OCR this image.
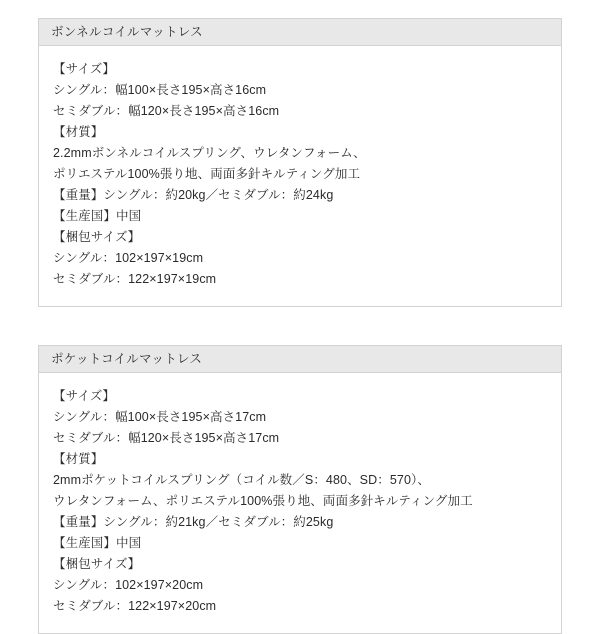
ボンネルコイルマットレス
【サイズ】
シングル：幅100×長さ195×高さ16cm
セミダブル：幅120×長さ195×高さ16cm
【材質】
2.2mmボンネルコイルスプリング、ウレタンフォーム、
ポリエステル100%張り地、両面多針キルティング加工
【重量】シングル：約20kg／セミダブル：約24kg
【生産国】中国
【梱包サイズ】
シングル：102×197×19cm
セミダブル：122×197×19cm
ポケットコイルマットレス
【サイズ】
シングル：幅100×長さ195×高さ17cm
セミダブル：幅120×長さ195×高さ17cm
【材質】
2mmポケットコイルスプリング（コイル数／S：480、SD：570）、
ウレタンフォーム、ポリエステル100%張り地、両面多針キルティング加工
【重量】シングル：約21kg／セミダブル：約25kg
【生産国】中国
【梱包サイズ】
シングル：102×197×20cm
セミダブル：122×197×20cm
